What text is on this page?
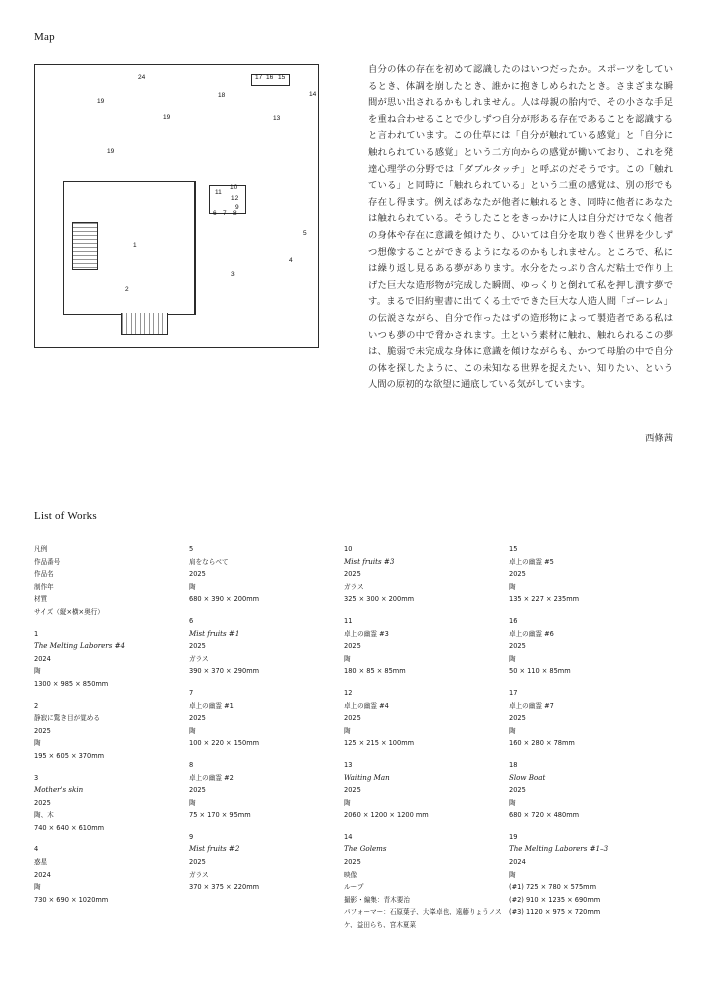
Map
24	17 16 15
19
18	14
19	13
19
11
10
12
9
6 7 8
5
1
4
3
2

自分の体の存在を初めて認識したのはいつだったか。スポーツをしているとき、体調を崩したとき、誰かに抱きしめられたとき。さまざまな瞬間が思い出されるかもしれません。人は母親の胎内で、その小さな手足を重ね合わせることで少しずつ自分が形ある存在であることを認識すると言われています。この仕草には「自分が触れている感覚」と「自分に触れられている感覚」という二方向からの感覚が働いており、これを発達心理学の分野では「ダブルタッチ」と呼ぶのだそうです。この「触れている」と同時に「触れられている」という二重の感覚は、別の形でも存在し得ます。例えばあなたが他者に触れるとき、同時に他者にあなたは触れられている。そうしたことをきっかけに人は自分だけでなく他者の身体や存在に意識を傾けたり、ひいては自分を取り巻く世界を少しずつ想像することができるようになるのかもしれません。ところで、私には繰り返し見るある夢があります。水分をたっぷり含んだ粘土で作り上げた巨大な造形物が完成した瞬間、ゆっくりと倒れて私を押し潰す夢です。まるで旧約聖書に出てくる土でできた巨大な人造人間「ゴーレム」の伝説さながら、自分で作ったはずの造形物によって製造者である私はいつも夢の中で脅かされます。土という素材に触れ、触れられるこの夢は、脆弱で未完成な身体に意識を傾けながらも、かつて母胎の中で自分の体を探したように、この未知なる世界を捉えたい、知りたい、という人間の原初的な欲望に通底している気がしています。

西條茜
List of Works
凡例
作品番号
作品名
制作年
材質
サイズ（縦×横×奥行）
1
The Melting Laborers #4
2024
陶
1300 × 985 × 850mm
2
静寂に驚き目が覚める
2025
陶
195 × 605 × 370mm
3
Mother's skin
2025
陶、木
740 × 640 × 610mm
4
惑星
2024
陶
730 × 690 × 1020mm
5
肩をならべて
2025
陶
680 × 390 × 200mm
6
Mist fruits #1
2025
ガラス
390 × 370 × 290mm
7
卓上の幽霊 #1
2025
陶
100 × 220 × 150mm
8
卓上の幽霊 #2
2025
陶
75 × 170 × 95mm
9
Mist fruits #2
2025
ガラス
370 × 375 × 220mm
10
Mist fruits #3
2025
ガラス
325 × 300 × 200mm
11
卓上の幽霊 #3
2025
陶
180 × 85 × 85mm
12
卓上の幽霊 #4
2025
陶
125 × 215 × 100mm
13
Waiting Man
2025
陶
2060 × 1200 × 1200 mm
14
The Golems
2025
映像
ループ
撮影・編集：青木要治
パフォーマー：石原葉子、大峯卓也、遠藤りょうノスケ、益田らち、宮木夏菜
15
卓上の幽霊 #5
2025
陶
135 × 227 × 235mm
16
卓上の幽霊 #6
2025
陶
50 × 110 × 85mm
17
卓上の幽霊 #7
2025
陶
160 × 280 × 78mm
18
Slow Boat
2025
陶
680 × 720 × 480mm
19
The Melting Laborers #1–3
2024
陶
(#1) 725 × 780 × 575mm
(#2) 910 × 1235 × 690mm
(#3) 1120 × 975 × 720mm
